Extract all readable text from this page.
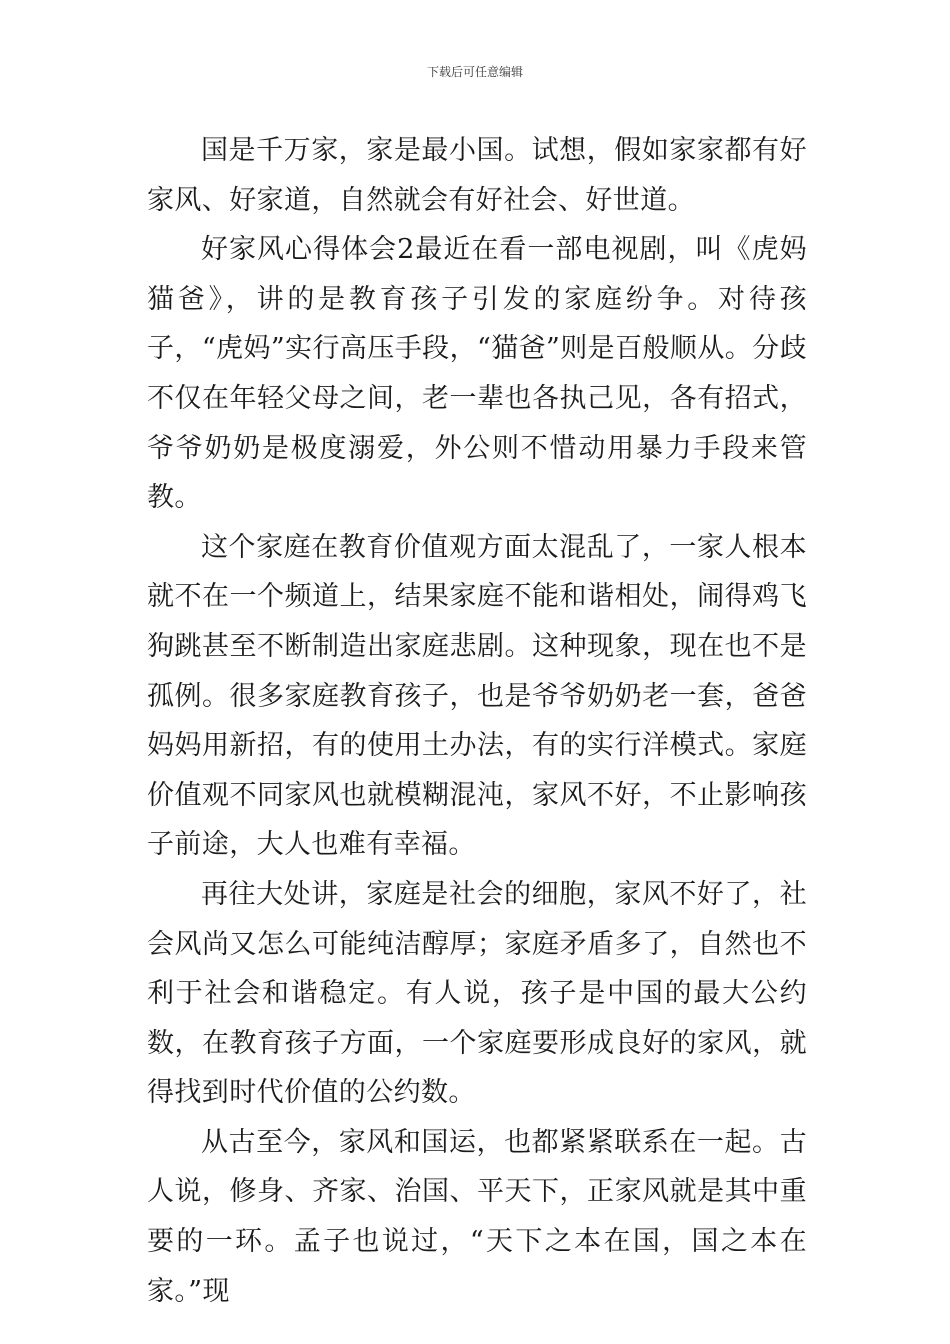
下载后可任意编辑

国是千万家，家是最小国。试想，假如家家都有好家风、好家道，自然就会有好社会、好世道。

好家风心得体会2最近在看一部电视剧，叫《虎妈猫爸》，讲的是教育孩子引发的家庭纷争。对待孩子，“虎妈”实行高压手段，“猫爸”则是百般顺从。分歧不仅在年轻父母之间，老一辈也各执己见，各有招式，爷爷奶奶是极度溺爱，外公则不惜动用暴力手段来管教。

这个家庭在教育价值观方面太混乱了，一家人根本就不在一个频道上，结果家庭不能和谐相处，闹得鸡飞狗跳甚至不断制造出家庭悲剧。这种现象，现在也不是孤例。很多家庭教育孩子，也是爷爷奶奶老一套，爸爸妈妈用新招，有的使用土办法，有的实行洋模式。家庭价值观不同家风也就模糊混沌，家风不好，不止影响孩子前途，大人也难有幸福。

再往大处讲，家庭是社会的细胞，家风不好了，社会风尚又怎么可能纯洁醇厚；家庭矛盾多了，自然也不利于社会和谐稳定。有人说，孩子是中国的最大公约数，在教育孩子方面，一个家庭要形成良好的家风，就得找到时代价值的公约数。

从古至今，家风和国运，也都紧紧联系在一起。古人说，修身、齐家、治国、平天下，正家风就是其中重要的一环。孟子也说过，“天下之本在国，国之本在家。”现
